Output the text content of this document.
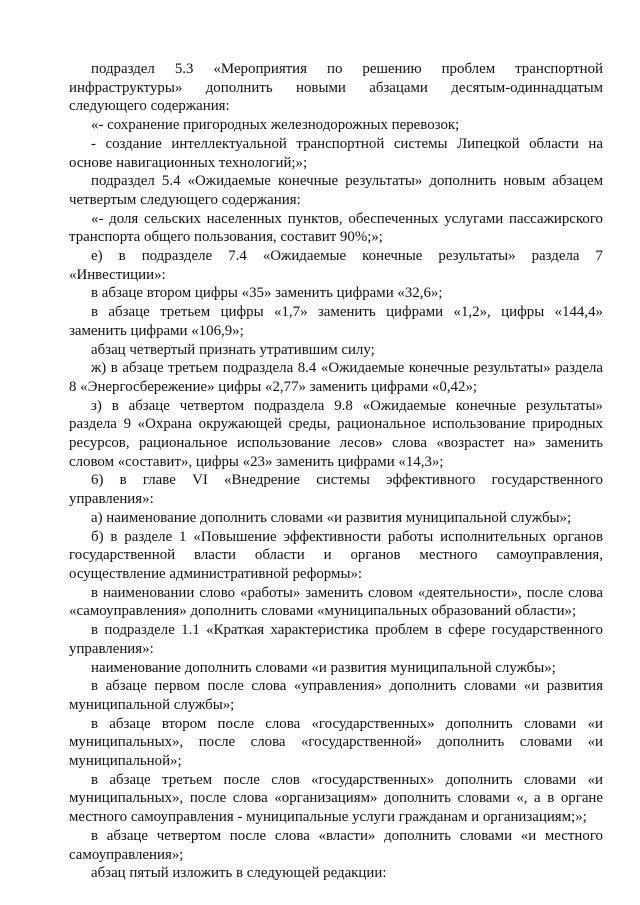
подраздел 5.3 «Мероприятия по решению проблем транспортной инфраструктуры» дополнить новыми абзацами десятым-одиннадцатым следующего содержания:

«- сохранение пригородных железнодорожных перевозок;

- создание интеллектуальной транспортной системы Липецкой области на основе навигационных технологий;»;

подраздел 5.4 «Ожидаемые конечные результаты» дополнить новым абзацем четвертым следующего содержания:

«- доля сельских населенных пунктов, обеспеченных услугами пассажирского транспорта общего пользования, составит 90%;»;

е) в подразделе 7.4 «Ожидаемые конечные результаты» раздела 7 «Инвестиции»:

в абзаце втором цифры «35» заменить цифрами «32,6»;

в абзаце третьем цифры «1,7» заменить цифрами «1,2», цифры «144,4» заменить цифрами «106,9»;

абзац четвертый признать утратившим силу;

ж) в абзаце третьем подраздела 8.4 «Ожидаемые конечные результаты» раздела 8 «Энергосбережение» цифры «2,77» заменить цифрами «0,42»;

з) в абзаце четвертом подраздела 9.8 «Ожидаемые конечные результаты» раздела 9 «Охрана окружающей среды, рациональное использование природных ресурсов, рациональное использование лесов» слова «возрастет на» заменить словом «составит», цифры «23» заменить цифрами «14,3»;

6) в главе VI «Внедрение системы эффективного государственного управления»:

а) наименование дополнить словами «и развития муниципальной службы»;

б) в разделе 1 «Повышение эффективности работы исполнительных органов государственной власти области и органов местного самоуправления, осуществление административной реформы»:

в наименовании слово «работы» заменить словом «деятельности», после слова «самоуправления» дополнить словами «муниципальных образований области»;

в подразделе 1.1 «Краткая характеристика проблем в сфере государственного управления»:

наименование дополнить словами «и развития муниципальной службы»;

в абзаце первом после слова «управления» дополнить словами «и развития муниципальной службы»;

в абзаце втором после слова «государственных» дополнить словами «и муниципальных», после слова «государственной» дополнить словами «и муниципальной»;

в абзаце третьем после слов «государственных» дополнить словами «и муниципальных», после слова «организациям» дополнить словами «, а в органе местного самоуправления - муниципальные услуги гражданам и организациям;»;

в абзаце четвертом после слова «власти» дополнить словами «и местного самоуправления»;

абзац пятый изложить в следующей редакции:
